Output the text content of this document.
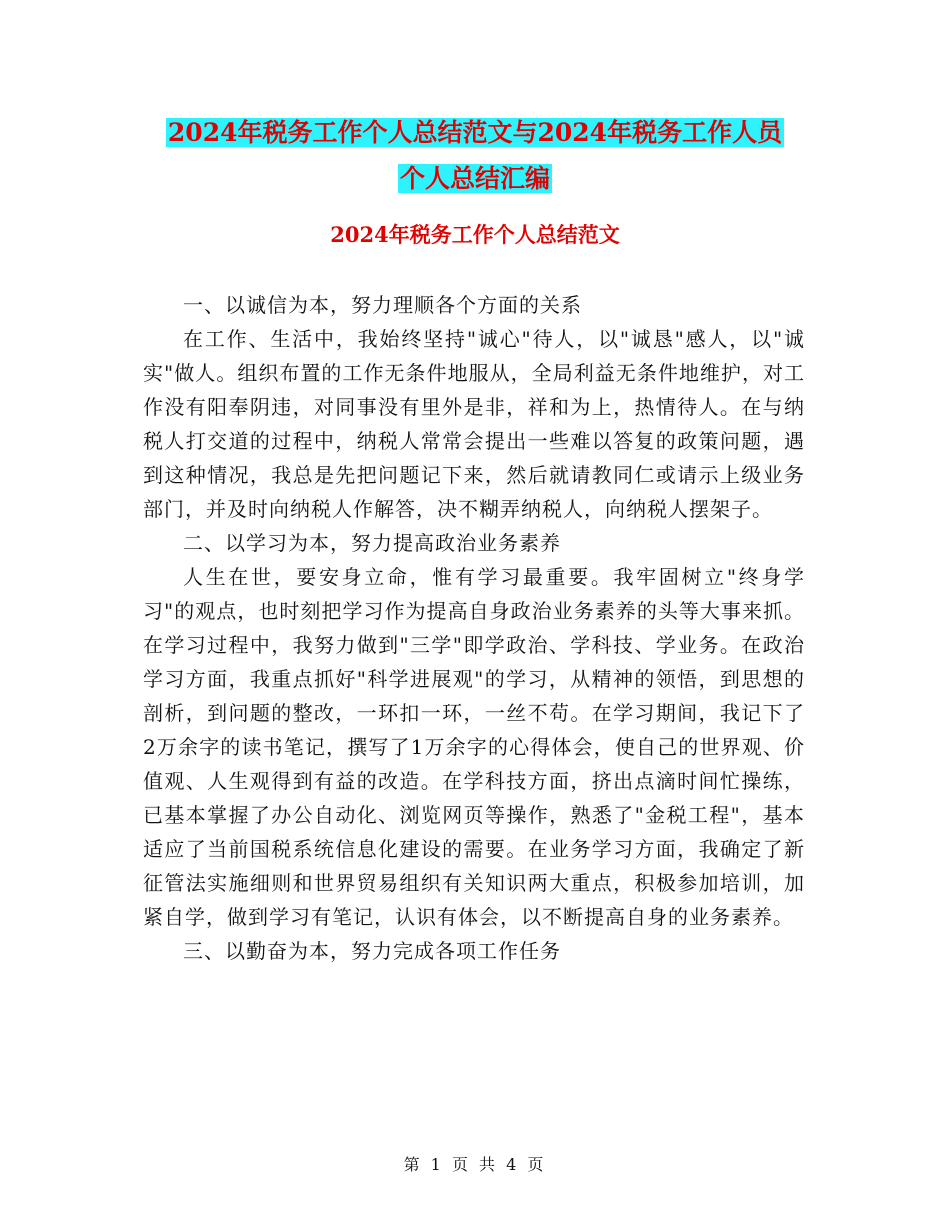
2024年税务工作个人总结范文与2024年税务工作人员
个人总结汇编
2024年税务工作个人总结范文

一、以诚信为本，努力理顺各个方面的关系

在工作、生活中，我始终坚持"诚心"待人，以"诚恳"感人，以"诚实"做人。组织布置的工作无条件地服从，全局利益无条件地维护，对工作没有阳奉阴违，对同事没有里外是非，祥和为上，热情待人。在与纳税人打交道的过程中，纳税人常常会提出一些难以答复的政策问题，遇到这种情况，我总是先把问题记下来，然后就请教同仁或请示上级业务部门，并及时向纳税人作解答，决不糊弄纳税人，向纳税人摆架子。

二、以学习为本，努力提高政治业务素养

人生在世，要安身立命，惟有学习最重要。我牢固树立"终身学习"的观点，也时刻把学习作为提高自身政治业务素养的头等大事来抓。在学习过程中，我努力做到"三学"即学政治、学科技、学业务。在政治学习方面，我重点抓好"科学进展观"的学习，从精神的领悟，到思想的剖析，到问题的整改，一环扣一环，一丝不苟。在学习期间，我记下了2万余字的读书笔记，撰写了1万余字的心得体会，使自己的世界观、价值观、人生观得到有益的改造。在学科技方面，挤出点滴时间忙操练，已基本掌握了办公自动化、浏览网页等操作，熟悉了"金税工程"，基本适应了当前国税系统信息化建设的需要。在业务学习方面，我确定了新征管法实施细则和世界贸易组织有关知识两大重点，积极参加培训，加紧自学，做到学习有笔记，认识有体会，以不断提高自身的业务素养。

三、以勤奋为本，努力完成各项工作任务

第 1 页 共 4 页
